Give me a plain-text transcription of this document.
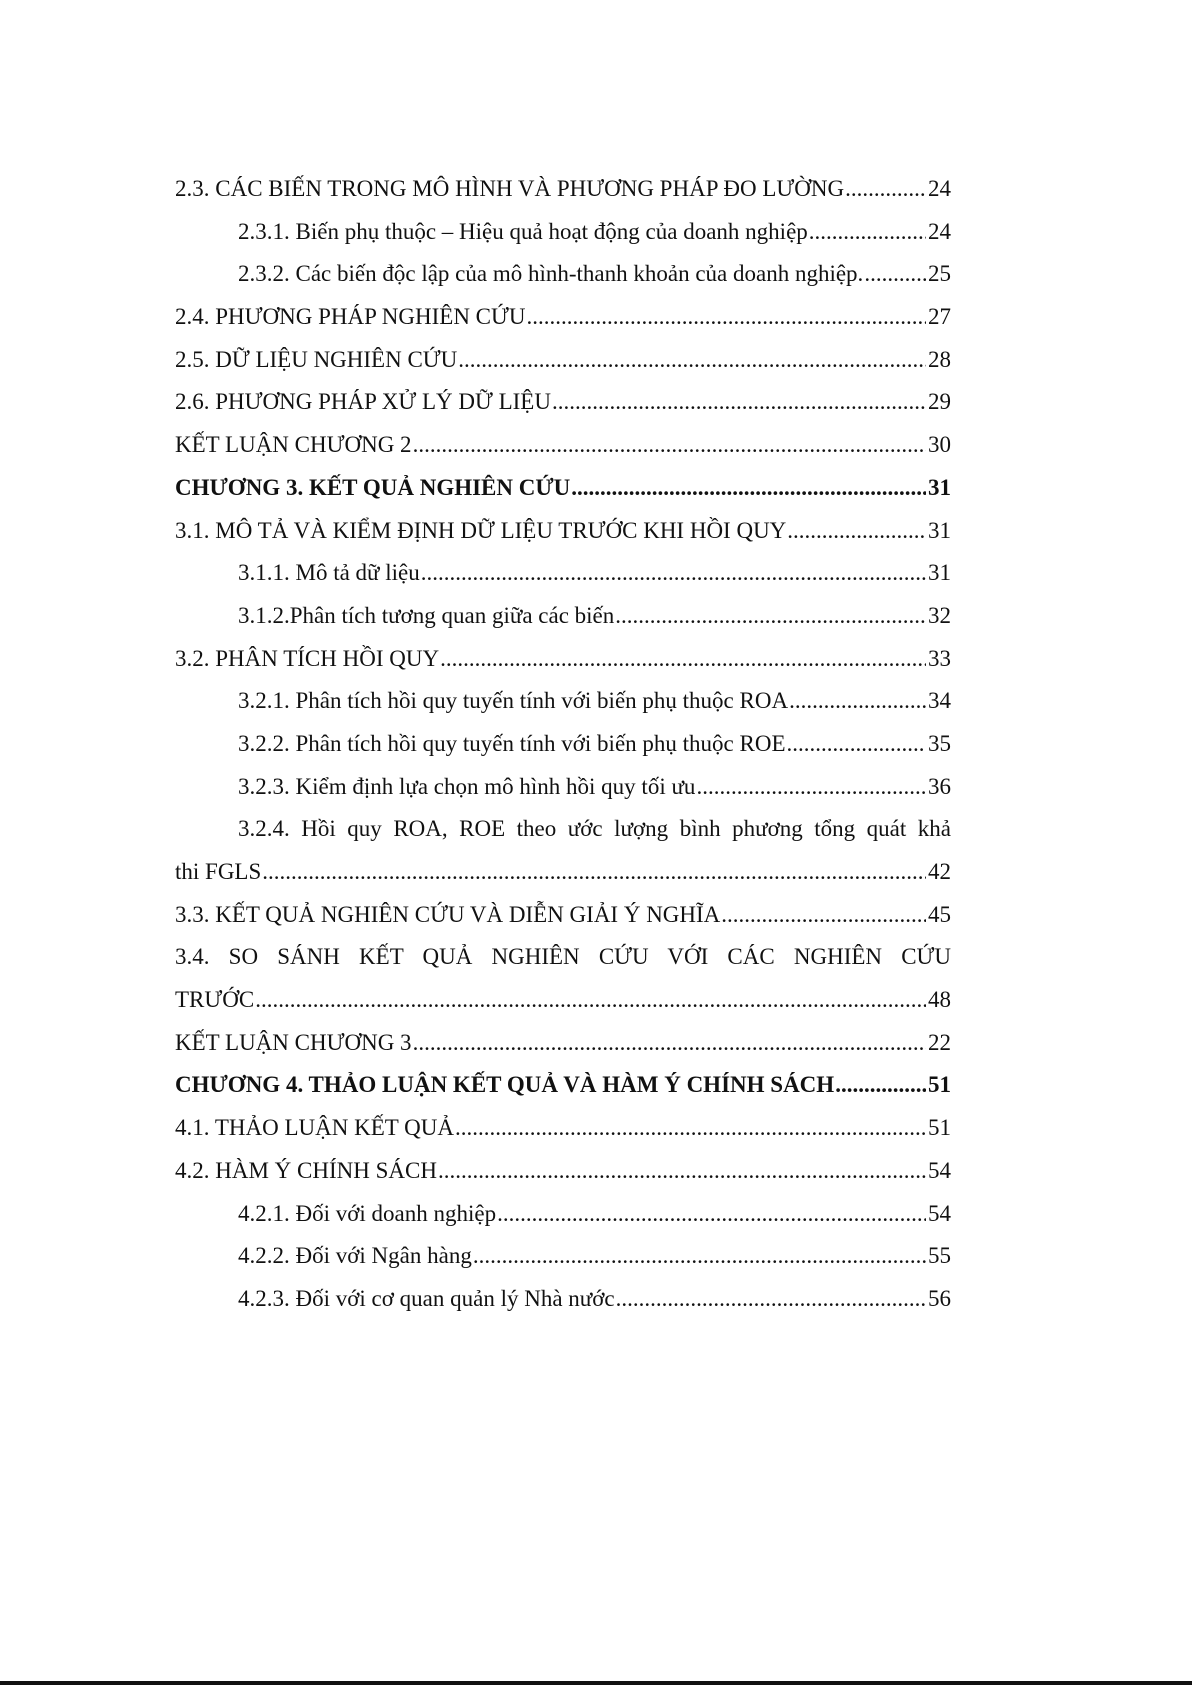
2.3. CÁC BIẾN TRONG MÔ HÌNH VÀ PHƯƠNG PHÁP ĐO LƯỜNG .....	24
2.3.1. Biến phụ thuộc – Hiệu quả hoạt động của doanh nghiệp .....	24
2.3.2. Các biến độc lập của mô hình-thanh khoản của doanh nghiệp. .....	25
2.4. PHƯƠNG PHÁP NGHIÊN CỨU .....	27
2.5. DỮ LIỆU NGHIÊN CỨU .....	28
2.6. PHƯƠNG PHÁP XỬ LÝ DỮ LIỆU .....	29
KẾT LUẬN CHƯƠNG 2 .....	30
CHƯƠNG 3. KẾT QUẢ NGHIÊN CỨU .....	31
3.1. MÔ TẢ VÀ KIỂM ĐỊNH DỮ LIỆU TRƯỚC KHI HỒI QUY .....	31
3.1.1. Mô tả dữ liệu .....	31
3.1.2.Phân tích tương quan giữa các biến .....	32
3.2. PHÂN TÍCH HỒI QUY .....	33
3.2.1. Phân tích hồi quy tuyến tính với biến phụ thuộc ROA .....	34
3.2.2. Phân tích hồi quy tuyến tính với biến phụ thuộc ROE .....	35
3.2.3. Kiểm định lựa chọn mô hình hồi quy tối ưu .....	36
3.2.4. Hồi quy ROA, ROE theo ước lượng bình phương tổng quát khả
thi FGLS .....	42
3.3. KẾT QUẢ NGHIÊN CỨU VÀ DIỄN GIẢI Ý NGHĨA .....	45
3.4. SO SÁNH KẾT QUẢ NGHIÊN CỨU VỚI CÁC NGHIÊN CỨU
TRƯỚC .....	48
KẾT LUẬN CHƯƠNG 3 .....	22
CHƯƠNG 4. THẢO LUẬN KẾT QUẢ VÀ HÀM Ý CHÍNH SÁCH .....	51
4.1. THẢO LUẬN KẾT QUẢ .....	51
4.2. HÀM Ý CHÍNH SÁCH .....	54
4.2.1. Đối với doanh nghiệp .....	54
4.2.2. Đối với Ngân hàng .....	55
4.2.3. Đối với cơ quan quản lý Nhà nước .....	56
